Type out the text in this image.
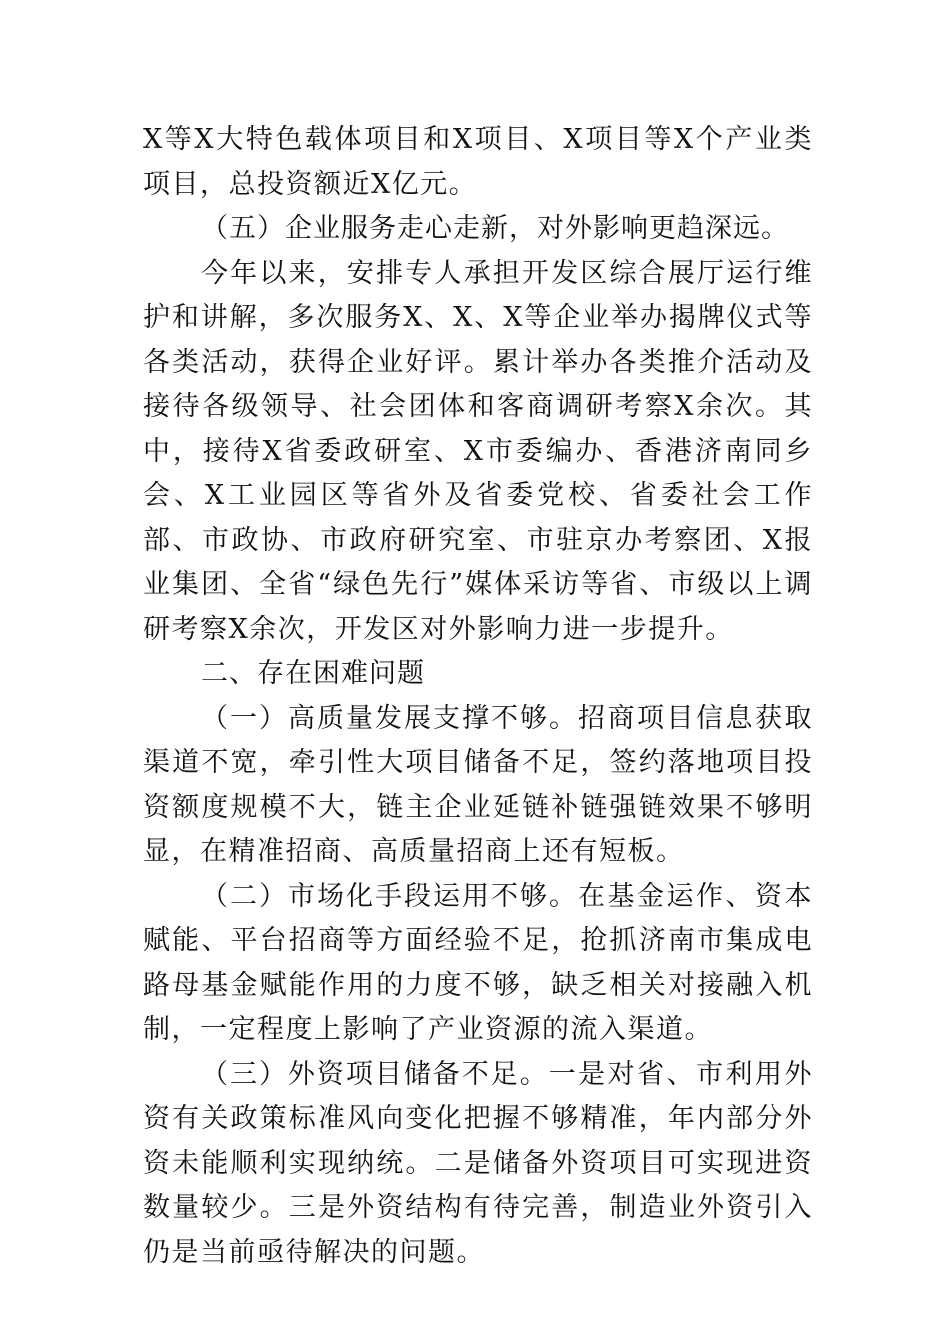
X等X大特色载体项目和X项目、X项目等X个产业类项目，总投资额近X亿元。

（五）企业服务走心走新，对外影响更趋深远。

今年以来，安排专人承担开发区综合展厅运行维护和讲解，多次服务X、X、X等企业举办揭牌仪式等各类活动，获得企业好评。累计举办各类推介活动及接待各级领导、社会团体和客商调研考察X余次。其中，接待X省委政研室、X市委编办、香港济南同乡会、X工业园区等省外及省委党校、省委社会工作部、市政协、市政府研究室、市驻京办考察团、X报业集团、全省“绿色先行”媒体采访等省、市级以上调研考察X余次，开发区对外影响力进一步提升。

二、存在困难问题

（一）高质量发展支撑不够。招商项目信息获取渠道不宽，牵引性大项目储备不足，签约落地项目投资额度规模不大，链主企业延链补链强链效果不够明显，在精准招商、高质量招商上还有短板。

（二）市场化手段运用不够。在基金运作、资本赋能、平台招商等方面经验不足，抢抓济南市集成电路母基金赋能作用的力度不够，缺乏相关对接融入机制，一定程度上影响了产业资源的流入渠道。

（三）外资项目储备不足。一是对省、市利用外资有关政策标准风向变化把握不够精准，年内部分外资未能顺利实现纳统。二是储备外资项目可实现进资数量较少。三是外资结构有待完善，制造业外资引入仍是当前亟待解决的问题。
